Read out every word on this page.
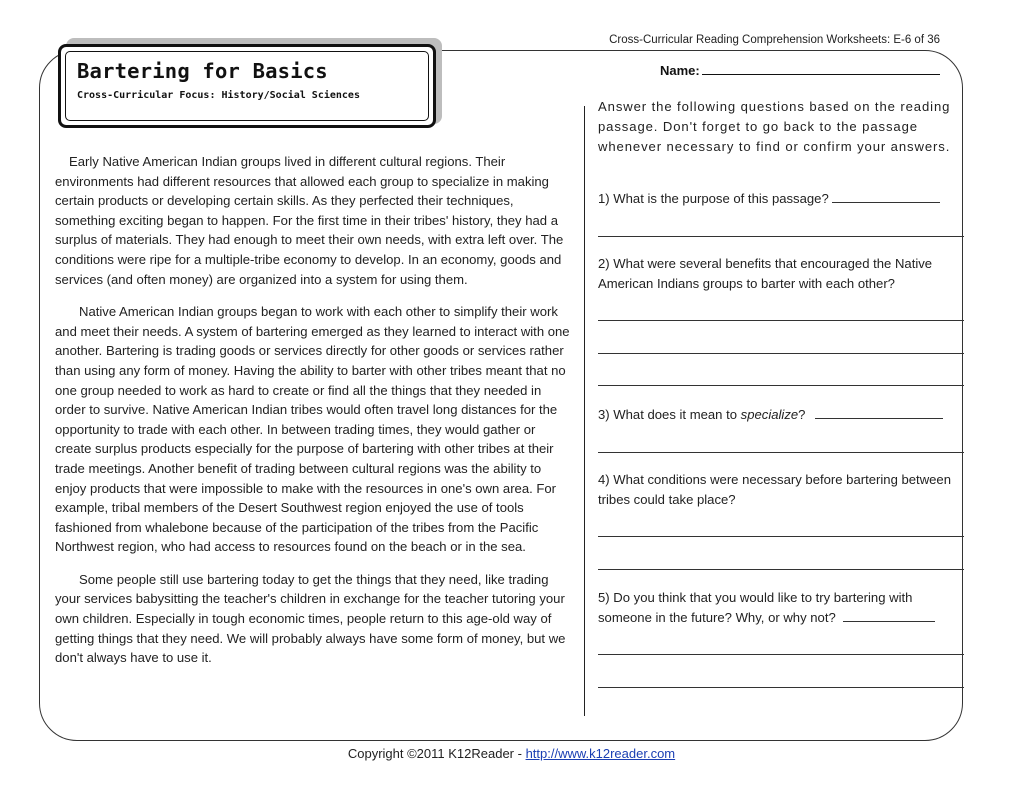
Cross-Curricular Reading Comprehension Worksheets: E-6 of 36
Bartering for Basics
Cross-Curricular Focus: History/Social Sciences

Early Native American Indian groups lived in different cultural regions. Their environments had different resources that allowed each group to specialize in making certain products or developing certain skills. As they perfected their techniques, something exciting began to happen. For the first time in their tribes' history, they had a surplus of materials. They had enough to meet their own needs, with extra left over. The conditions were ripe for a multiple-tribe economy to develop. In an economy, goods and services (and often money) are organized into a system for using them.

Native American Indian groups began to work with each other to simplify their work and meet their needs. A system of bartering emerged as they learned to interact with one another. Bartering is trading goods or services directly for other goods or services rather than using any form of money. Having the ability to barter with other tribes meant that no one group needed to work as hard to create or find all the things that they needed in order to survive. Native American Indian tribes would often travel long distances for the opportunity to trade with each other. In between trading times, they would gather or create surplus products especially for the purpose of bartering with other tribes at their trade meetings. Another benefit of trading between cultural regions was the ability to enjoy products that were impossible to make with the resources in one's own area. For example, tribal members of the Desert Southwest region enjoyed the use of tools fashioned from whalebone because of the participation of the tribes from the Pacific Northwest region, who had access to resources found on the beach or in the sea.

Some people still use bartering today to get the things that they need, like trading your services babysitting the teacher's children in exchange for the teacher tutoring your own children. Especially in tough economic times, people return to this age-old way of getting things that they need. We will probably always have some form of money, but we don't always have to use it.

Name:
Answer the following questions based on the reading passage. Don't forget to go back to the passage whenever necessary to find or confirm your answers.
1) What is the purpose of this passage?
2) What were several benefits that encouraged the Native American Indians groups to barter with each other?
3) What does it mean to specialize?
4) What conditions were necessary before bartering between tribes could take place?
5) Do you think that you would like to try bartering with someone in the future? Why, or why not?
Copyright ©2011 K12Reader - http://www.k12reader.com
